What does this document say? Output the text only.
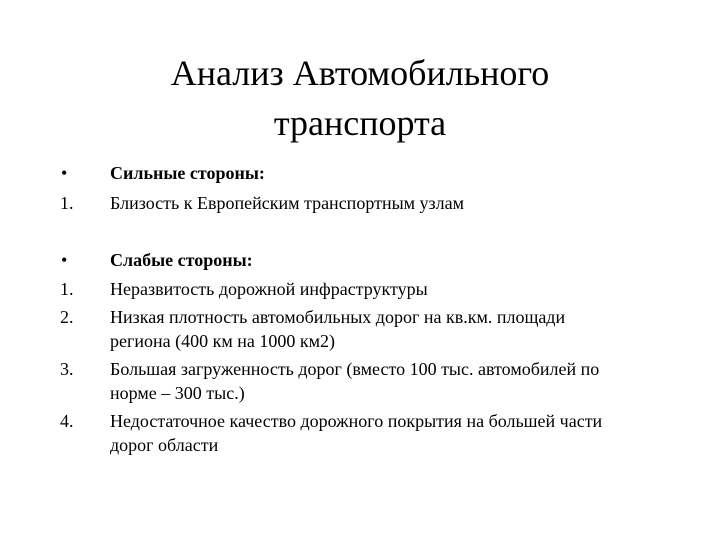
Анализ Автомобильного
транспорта
•	Сильные стороны:
1.	Близость к Европейским транспортным узлам
•	Слабые стороны:
1.	Неразвитость дорожной инфраструктуры
2.	Низкая плотность автомобильных дорог на кв.км. площади
региона (400 км на 1000 км2)
3.	Большая загруженность дорог (вместо 100 тыс. автомобилей по
норме – 300 тыс.)
4.	Недостаточное качество дорожного покрытия на большей части
дорог области
